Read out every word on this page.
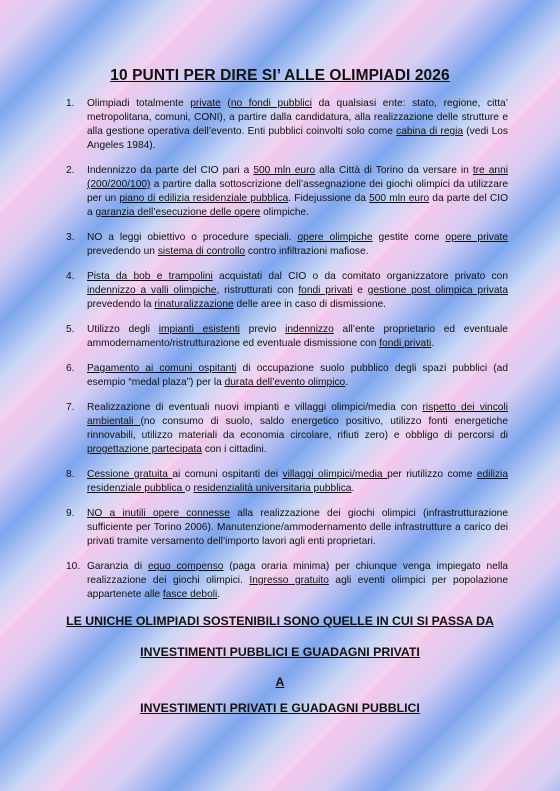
10 PUNTI PER DIRE SI’ ALLE OLIMPIADI 2026
1. Olimpiadi totalmente private (no fondi pubblici da qualsiasi ente: stato, regione, citta’ metropolitana, comuni, CONI), a partire dalla candidatura, alla realizzazione delle strutture e alla gestione operativa dell’evento. Enti pubblici coinvolti solo come cabina di regia (vedi Los Angeles 1984).
2. Indennizzo da parte del CIO pari a 500 mln euro alla Città di Torino da versare in tre anni (200/200/100) a partire dalla sottoscrizione dell’assegnazione dei giochi olimpici da utilizzare per un piano di edilizia residenziale pubblica. Fidejussione da 500 mln euro da parte del CIO a garanzia dell’esecuzione delle opere olimpiche.
3. NO a leggi obiettivo o procedure speciali. opere olimpiche gestite come opere private prevedendo un sistema di controllo contro infiltrazioni mafiose.
4. Pista da bob e trampolini acquistati dal CIO o da comitato organizzatore privato con indennizzo a valli olimpiche, ristrutturati con fondi privati e gestione post olimpica privata prevedendo la rinaturalizzazione delle aree in caso di dismissione.
5. Utilizzo degli impianti esistenti previo indennizzo all’ente proprietario ed eventuale ammodernamento/ristrutturazione ed eventuale dismissione con fondi privati.
6. Pagamento ai comuni ospitanti di occupazione suolo pubblico degli spazi pubblici (ad esempio “medal plaza”) per la durata dell’evento olimpico.
7. Realizzazione di eventuali nuovi impianti e villaggi olimpici/media con rispetto dei vincoli ambientali (no consumo di suolo, saldo energetico positivo, utilizzo fonti energetiche rinnovabili, utilizzo materiali da economia circolare, rifiuti zero) e obbligo di percorsi di progettazione partecipata con i cittadini.
8. Cessione gratuita ai comuni ospitanti dei villaggi olimpici/media per riutilizzo come edilizia residenziale pubblica o residenzialità universitaria pubblica.
9. NO a inutili opere connesse alla realizzazione dei giochi olimpici (infrastrutturazione sufficiente per Torino 2006). Manutenzione/ammodernamento delle infrastrutture a carico dei privati tramite versamento dell’importo lavori agli enti proprietari.
10. Garanzia di equo compenso (paga oraria minima) per chiunque venga impiegato nella realizzazione dei giochi olimpici. Ingresso gratuito agli eventi olimpici per popolazione appartenete alle fasce deboli.
LE UNICHE OLIMPIADI SOSTENIBILI SONO QUELLE IN CUI SI PASSA DA
INVESTIMENTI PUBBLICI E GUADAGNI PRIVATI
A
INVESTIMENTI PRIVATI E GUADAGNI PUBBLICI
